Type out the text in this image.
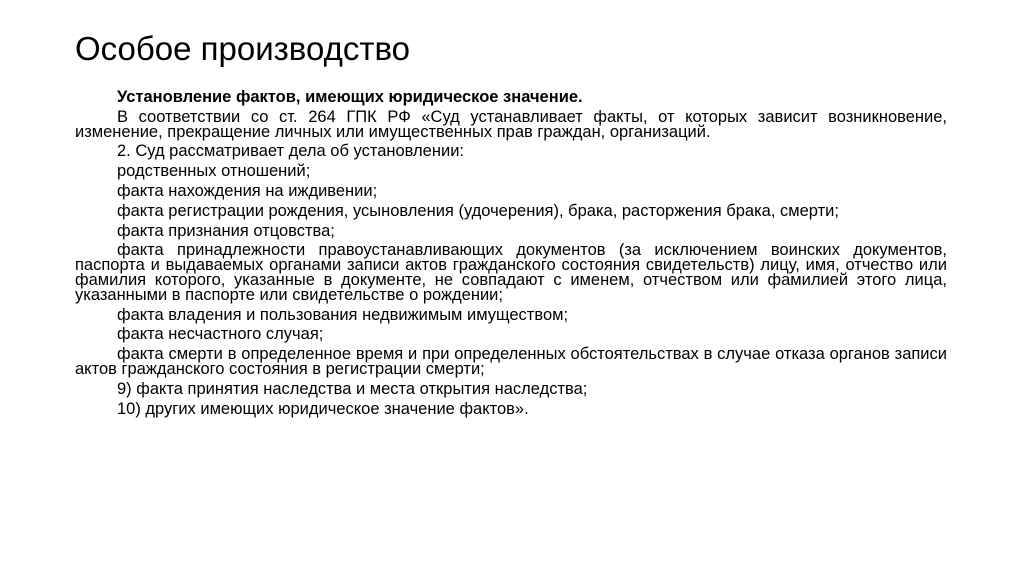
Особое производство

Установление фактов, имеющих юридическое значение.

В соответствии со ст. 264 ГПК РФ «Суд устанавливает факты, от которых зависит возникновение, изменение, прекращение личных или имущественных прав граждан, организаций.

2. Суд рассматривает дела об установлении:

родственных отношений;

факта нахождения на иждивении;

факта регистрации рождения, усыновления (удочерения), брака, расторжения брака, смерти;

факта признания отцовства;

факта принадлежности правоустанавливающих документов (за исключением воинских документов, паспорта и выдаваемых органами записи актов гражданского состояния свидетельств) лицу, имя, отчество или фамилия которого, указанные в документе, не совпадают с именем, отчеством или фамилией этого лица, указанными в паспорте или свидетельстве о рождении;

факта владения и пользования недвижимым имуществом;

факта несчастного случая;

факта смерти в определенное время и при определенных обстоятельствах в случае отказа органов записи актов гражданского состояния в регистрации смерти;

9) факта принятия наследства и места открытия наследства;

10) других имеющих юридическое значение фактов».
